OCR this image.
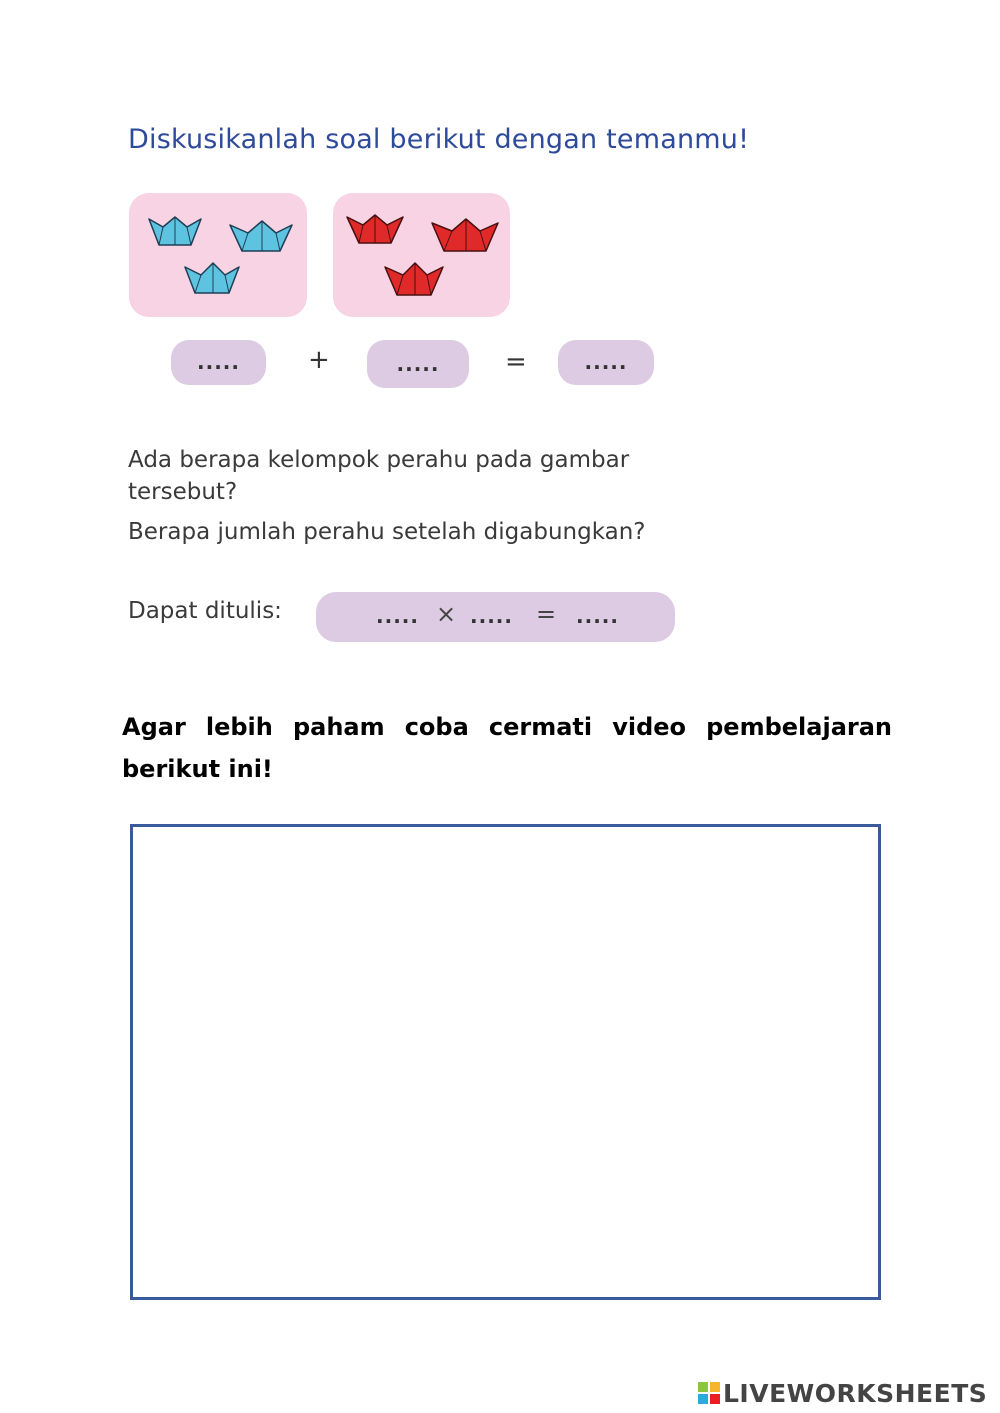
Diskusikanlah soal berikut dengan temanmu!
.....	+	.....	=	.....
Ada berapa kelompok perahu pada gambar tersebut?
Berapa jumlah perahu setelah digabungkan?
Dapat ditulis:	..... × ..... = .....
Agar lebih paham coba cermati video pembelajaran berikut ini!
LIVEWORKSHEETS
